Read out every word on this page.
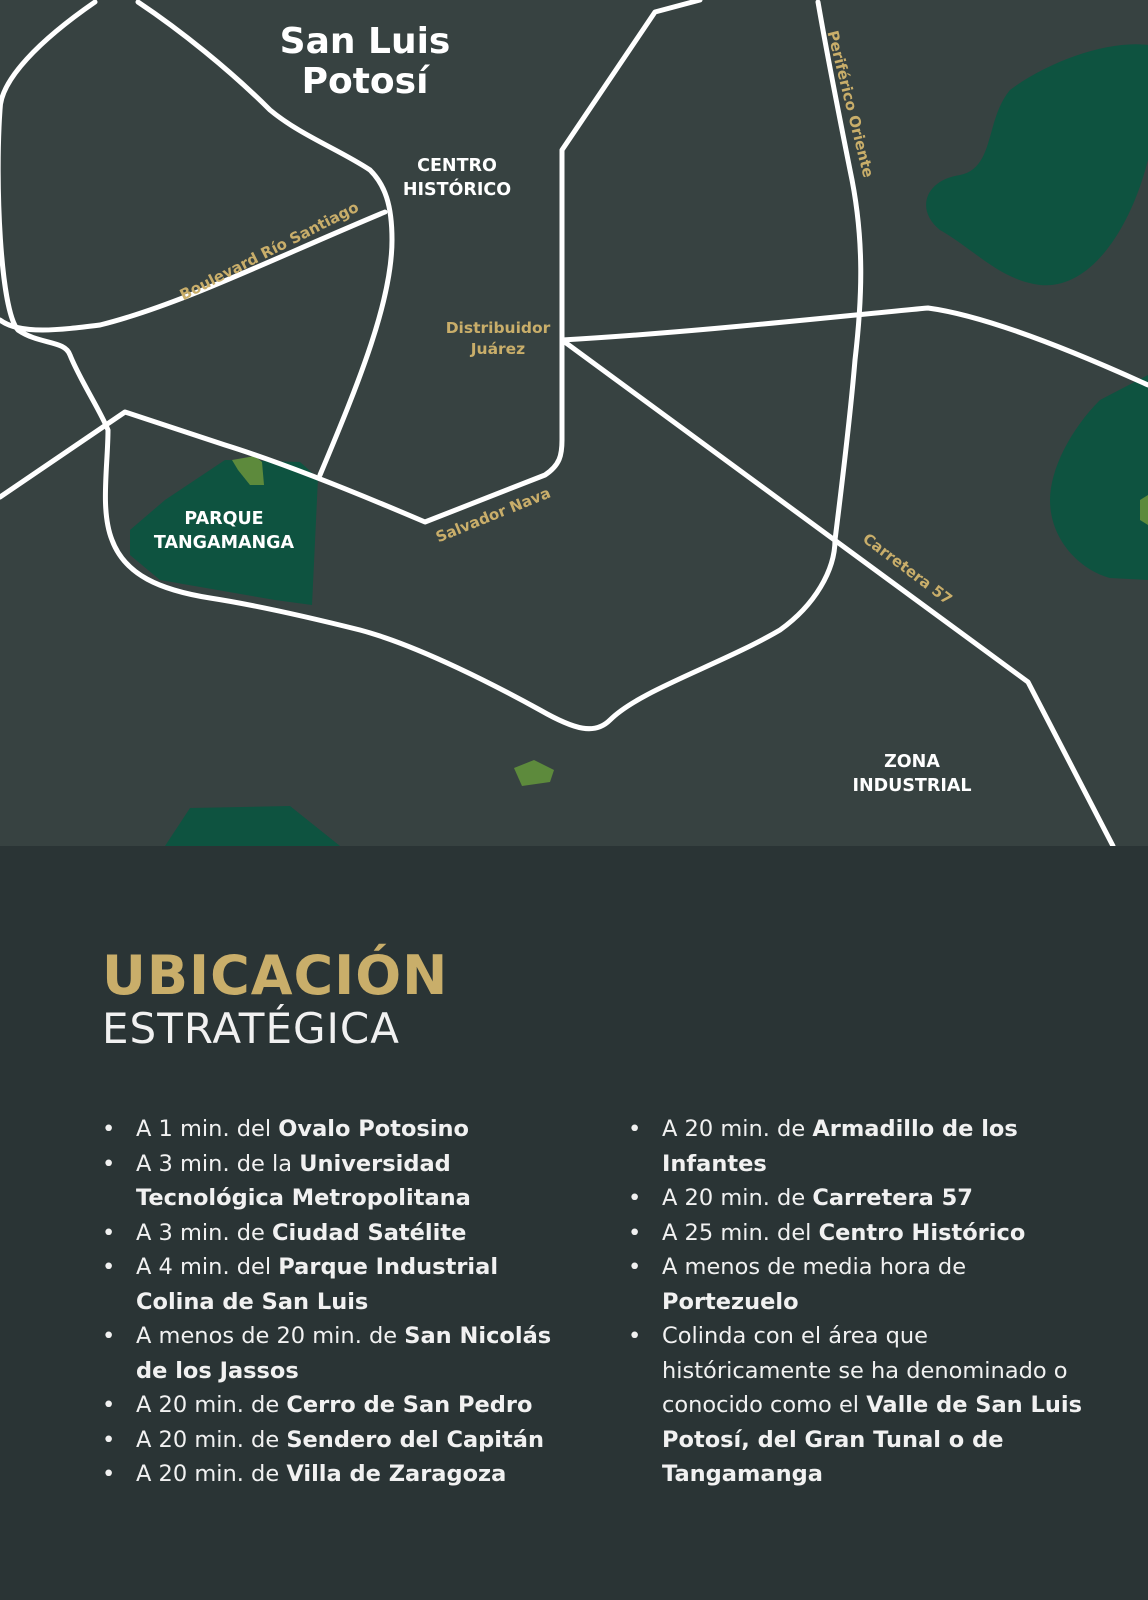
San Luis
Potosí
CENTRO
HISTÓRICO
PARQUE
TANGAMANGA
ZONA
INDUSTRIAL
Distribuidor
Juárez
Boulevard Río Santiago
Periférico Oriente
Salvador Nava
Carretera 57
UBICACIÓN
ESTRATÉGICA
• A 1 min. del Ovalo Potosino
• A 3 min. de la Universidad Tecnológica Metropolitana
• A 3 min. de Ciudad Satélite
• A 4 min. del Parque Industrial Colina de San Luis
• A menos de 20 min. de San Nicolás de los Jassos
• A 20 min. de Cerro de San Pedro
• A 20 min. de Sendero del Capitán
• A 20 min. de Villa de Zaragoza
• A 20 min. de Armadillo de los Infantes
• A 20 min. de Carretera 57
• A 25 min. del Centro Histórico
• A menos de media hora de Portezuelo
• Colinda con el área que históricamente se ha denominado o conocido como el Valle de San Luis Potosí, del Gran Tunal o de Tangamanga
